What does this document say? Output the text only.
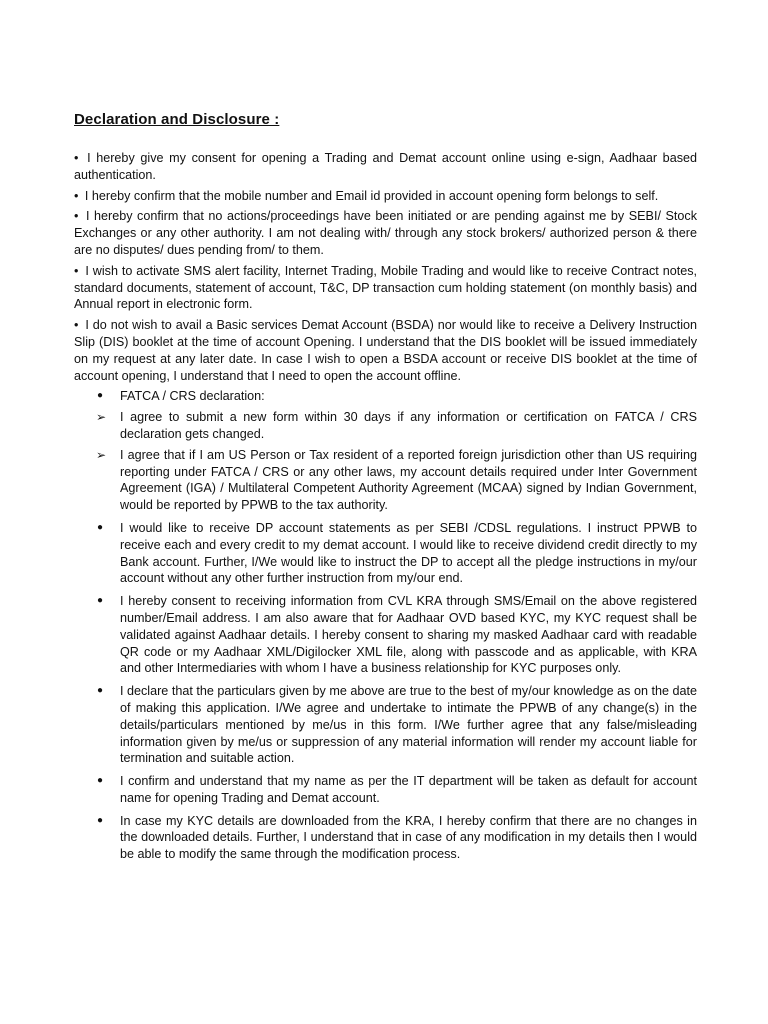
Declaration and Disclosure :

• I hereby give my consent for opening a Trading and Demat account online using e-sign, Aadhaar based authentication.

• I hereby confirm that the mobile number and Email id provided in account opening form belongs to self.

• I hereby confirm that no actions/proceedings have been initiated or are pending against me by SEBI/ Stock Exchanges or any other authority. I am not dealing with/ through any stock brokers/ authorized person & there are no disputes/ dues pending from/ to them.

• I wish to activate SMS alert facility, Internet Trading, Mobile Trading and would like to receive Contract notes, standard documents, statement of account, T&C, DP transaction cum holding statement (on monthly basis) and Annual report in electronic form.

• I do not wish to avail a Basic services Demat Account (BSDA) nor would like to receive a Delivery Instruction Slip (DIS) booklet at the time of account Opening. I understand that the DIS booklet will be issued immediately on my request at any later date. In case I wish to open a BSDA account or receive DIS booklet at the time of account opening, I understand that I need to open the account offline.

●	FATCA / CRS declaration:
➢	I agree to submit a new form within 30 days if any information or certification on FATCA / CRS declaration gets changed.
➢	I agree that if I am US Person or Tax resident of a reported foreign jurisdiction other than US requiring reporting under FATCA / CRS or any other laws, my account details required under Inter Government Agreement (IGA) / Multilateral Competent Authority Agreement (MCAA) signed by Indian Government, would be reported by PPWB to the tax authority.
●	I would like to receive DP account statements as per SEBI /CDSL regulations. I instruct PPWB to receive each and every credit to my demat account. I would like to receive dividend credit directly to my Bank account. Further, I/We would like to instruct the DP to accept all the pledge instructions in my/our account without any other further instruction from my/our end.
●	I hereby consent to receiving information from CVL KRA through SMS/Email on the above registered number/Email address. I am also aware that for Aadhaar OVD based KYC, my KYC request shall be validated against Aadhaar details. I hereby consent to sharing my masked Aadhaar card with readable QR code or my Aadhaar XML/Digilocker XML file, along with passcode and as applicable, with KRA and other Intermediaries with whom I have a business relationship for KYC purposes only.
●	I declare that the particulars given by me above are true to the best of my/our knowledge as on the date of making this application. I/We agree and undertake to intimate the PPWB of any change(s) in the details/particulars mentioned by me/us in this form. I/We further agree that any false/misleading information given by me/us or suppression of any material information will render my account liable for termination and suitable action.
●	I confirm and understand that my name as per the IT department will be taken as default for account name for opening Trading and Demat account.
●	In case my KYC details are downloaded from the KRA, I hereby confirm that there are no changes in the downloaded details. Further, I understand that in case of any modification in my details then I would be able to modify the same through the modification process.
